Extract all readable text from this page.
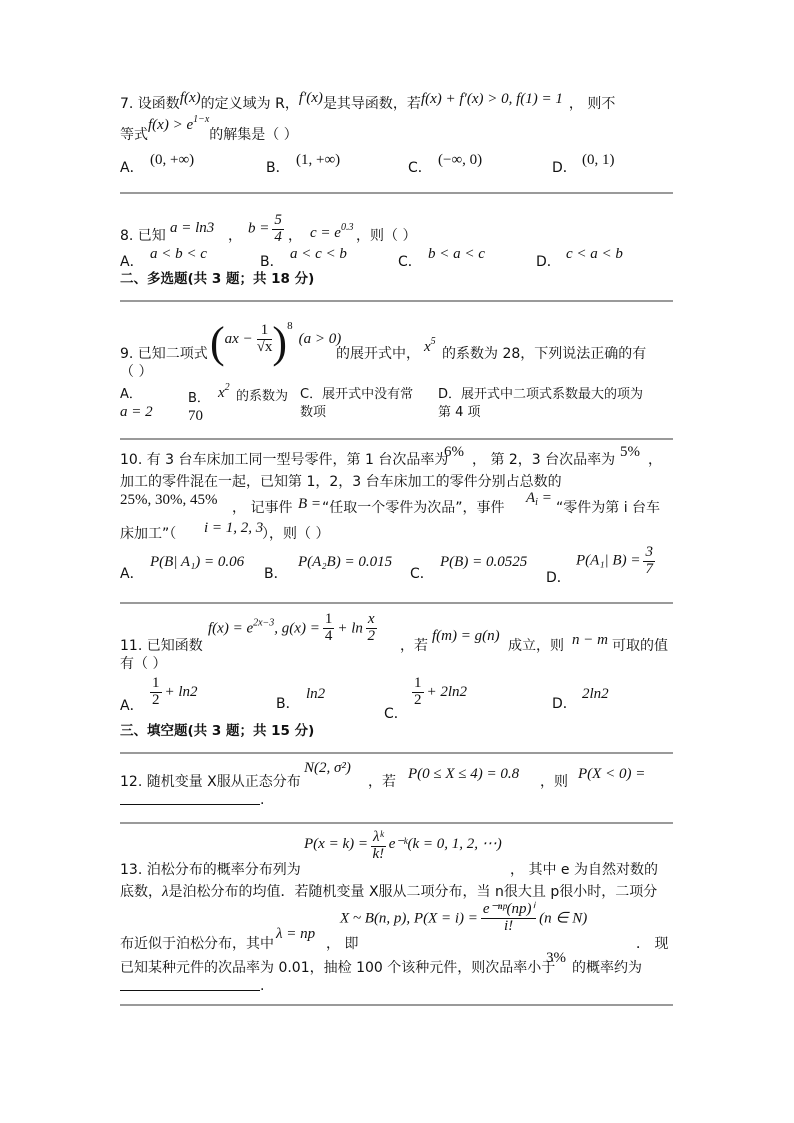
7. 设函数f(x)的定义域为 R，f′(x)是其导函数，若f(x) + f′(x) > 0, f(1) = 1 ， 则不
等式$f(x) > e^{1-x}$的解集是（ ）
A． (0, +∞)	B． (1, +∞)	C． (−∞, 0)	D． (0, 1)
8. 已知 a = ln3 ， $b = \frac{5}{4}$ ， $c = e^{0.3}$
，则（ ）
A． a < b < c	B． a < c < b	C． b < a < c	D． c < a < b
二、多选题(共 3 题；共 18 分)
$(ax - \frac{1}{√x} )^8(a > 0)$
9. 已知二项式	的展开式中， $x^5$
的系数为 28，下列说法正确的有
（ ）
A．
a = 2
B． $x^2$
的系数为
70
C．展开式中没有常
数项
D．展开式中二项式系数最大的项为
第 4 项
10. 有 3 台车床加工同一型号零件，第 1 台次品率为
6% ， 第 2，3 台次品率为 5% ，
加工的零件混在一起，已知第 1，2，3 台车床加工的零件分别占总数的
25%, 30%, 45% ， 记事件 B = “任取一个零件为次品”，事件
$A_i$ =
“零件为第 i 台车
床加工”（ i = 1, 2, 3
），则（ ）
A．
P(B| A₁) = 0.06
B．
P(A₂B) = 0.015
C．
P(B) = 0.0525
D．
P(A₁| $B) = \frac{3}{7}$
$f(x) = e^{2x-3}$, $g(x) = \frac{1}{4} + \ln \frac{x}{2}$
11. 已知函数	，若
f(m) = g(n)
成立，则 n − m 可取的值
有（ ）
A． $\frac{1}{2} + \ln 2$
B．
ln2
C．
$\frac{1}{2} + 2\ln 2$
D．
2ln2
三、填空题(共 3 题；共 15 分)
12. 随机变量 X服从正态分布
N(2, σ²)
，若 P(0 ≤ X ≤ 4) = 0.8 ，则 P(X < 0) =
.
$P(x = k) = \frac{\text{λᵏ}}{k!}$ e⁻ᵏ(k = 0, 1, 2, ⋯)
13. 泊松分布的概率分布列为	， 其中 e 为自然对数的
底数，λ是泊松分布的均值．若随机变量 X服从二项分布，当 n很大且 p很小时，二项分
X ~ B(n, p), $P(X = i) = \frac{\text{e⁻ⁿᵖ(np)ⁱ}}{i!} (n$ ∈ N)
布近似于泊松分布，其中
λ = np
， 即	． 现
已知某种元件的次品率为 0.01，抽检 100 个该种元件，则次品率小于
3%
的概率约为
.
